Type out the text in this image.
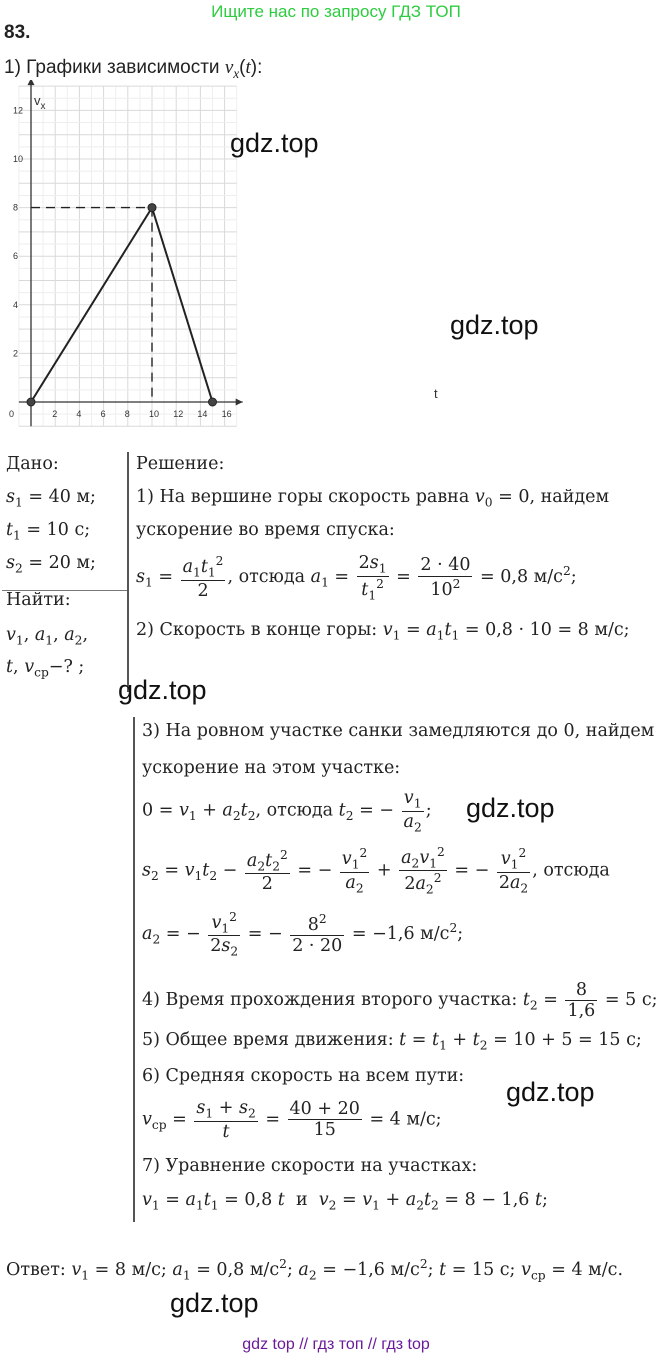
Ищите нас по запросу ГДЗ ТОП
83.
1) Графики зависимости $v_x(t)$:
0	2 4 6 8 10 12 14 16
2
4
6
8
10
12
$v_x$
t
gdz.top
gdz.top
Дано:
$s_1 = 40$ м;
$t_1 = 10$ с;
$s_2 = 20$ м;
Найти:
$v_1$, $a_1$, $a_2$,
t, $v_{ср}-$? ;
Решение:
1) На вершине горы скорость равна $v_0 = 0$, найдем
ускорение во время спуска:
$s_1 = \frac{a_1t_1^2}{2}$ , отсюда $a_1 = \frac{2s_1}{t_1^2} = \frac{2 \cdot 40}{10^2} = 0,8$ $м/с^2$;
2) Скорость в конце горы: $v_1 = a_1t_1 = 0,8 \cdot 10 = 8$ м/с;
gdz.top
3) На ровном участке санки замедляются до 0, найдем
ускорение на этом участке:
$0 = v_1 + a_2t_2$, отсюда $t_2$ = − $\frac{v_1}{a_2}$ ; gdz.top
$s_2 = v_1t_2 - \frac{a_2t_2^2}{2}$ = − $\frac{v_1^2}{a_2} + \frac{a_2v_1^2}{2a_2^2}$ = − $\frac{v_1^2}{2a_2}$ , отсюда
$a_2$ = − $\frac{v_1^2}{2s_2}$ = − $\frac{8^2}{2 \cdot 20} = -1,6$ $м/с^2$;
4) Время прохождения второго участка: $t_2 = \frac{8}{1,6} = 5$ с;
5) Общее время движения: $t = t_1 + t_2 = 10 + 5 = 15$ с;
6) Средняя скорость на всем пути:
$v_{ср} = \frac{s_1 + s_2}{t} = \frac{40 + 20}{15} = 4$ м/с;
gdz.top
7) Уравнение скорости на участках:
$v_1 = a_1t_1 = 0,8$ t и $v_2 = v_1 + a_2t_2 = 8 - 1,6$ t;
Ответ: $v_1 = 8$ м/с; $a_1 = 0,8$ $м/с^2$; $a_2 = -1,6$ $м/с^2$; t = 15 с; $v_{ср} = 4$ м/с.
gdz.top
gdz top // гдз топ // гдз top
